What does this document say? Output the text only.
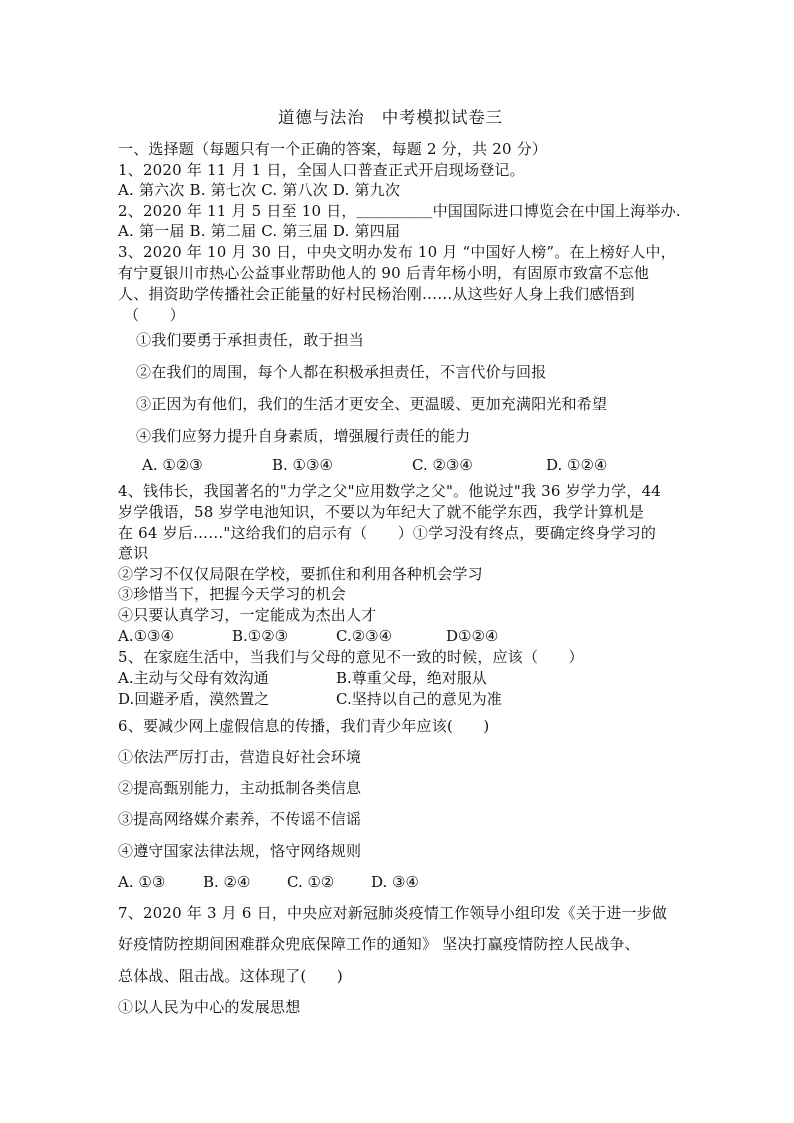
道德与法治　中考模拟试卷三
一、选择题（每题只有一个正确的答案，每题 2 分，共 20 分）
1、2020 年 11 月 1 日，全国人口普查正式开启现场登记。
A. 第六次 B. 第七次 C. 第八次 D. 第九次
2、2020 年 11 月 5 日至 10 日，＿＿＿＿＿中国国际进口博览会在中国上海举办.
A. 第一届 B. 第二届 C. 第三届 D. 第四届
3、2020 年 10 月 30 日，中央文明办发布 10 月 “中国好人榜”。在上榜好人中，
有宁夏银川市热心公益事业帮助他人的 90 后青年杨小明，有固原市致富不忘他
人、捐资助学传播社会正能量的好村民杨治刚……从这些好人身上我们感悟到
（　　）
①我们要勇于承担责任，敢于担当
②在我们的周围，每个人都在积极承担责任，不言代价与回报
③正因为有他们，我们的生活才更安全、更温暖、更加充满阳光和希望
④我们应努力提升自身素质，增强履行责任的能力
A. ①②③	B. ①③④	C. ②③④	D. ①②④
4、钱伟长，我国著名的"力学之父"应用数学之父"。他说过"我 36 岁学力学，44
岁学俄语，58 岁学电池知识，不要以为年纪大了就不能学东西，我学计算机是
在 64 岁后……"这给我们的启示有（　　）①学习没有终点，要确定终身学习的
意识
②学习不仅仅局限在学校，要抓住和利用各种机会学习
③珍惜当下，把握今天学习的机会
④只要认真学习，一定能成为杰出人才
A.①③④	B.①②③	C.②③④	D①②④
5、在家庭生活中，当我们与父母的意见不一致的时候，应该（　　）
A.主动与父母有效沟通	B.尊重父母，绝对服从
D.回避矛盾，漠然置之	C.坚持以自己的意见为准
6、要减少网上虚假信息的传播，我们青少年应该(　　)
①依法严厉打击，营造良好社会环境
②提高甄别能力，主动抵制各类信息
③提高网络媒介素养，不传谣不信谣
④遵守国家法律法规，恪守网络规则
A. ①③	B. ②④ C. ①② D. ③④
7、2020 年 3 月 6 日，中央应对新冠肺炎疫情工作领导小组印发《关于进一步做
好疫情防控期间困难群众兜底保障工作的通知》 坚决打赢疫情防控人民战争、
总体战、阻击战。这体现了(　　)
①以人民为中心的发展思想
